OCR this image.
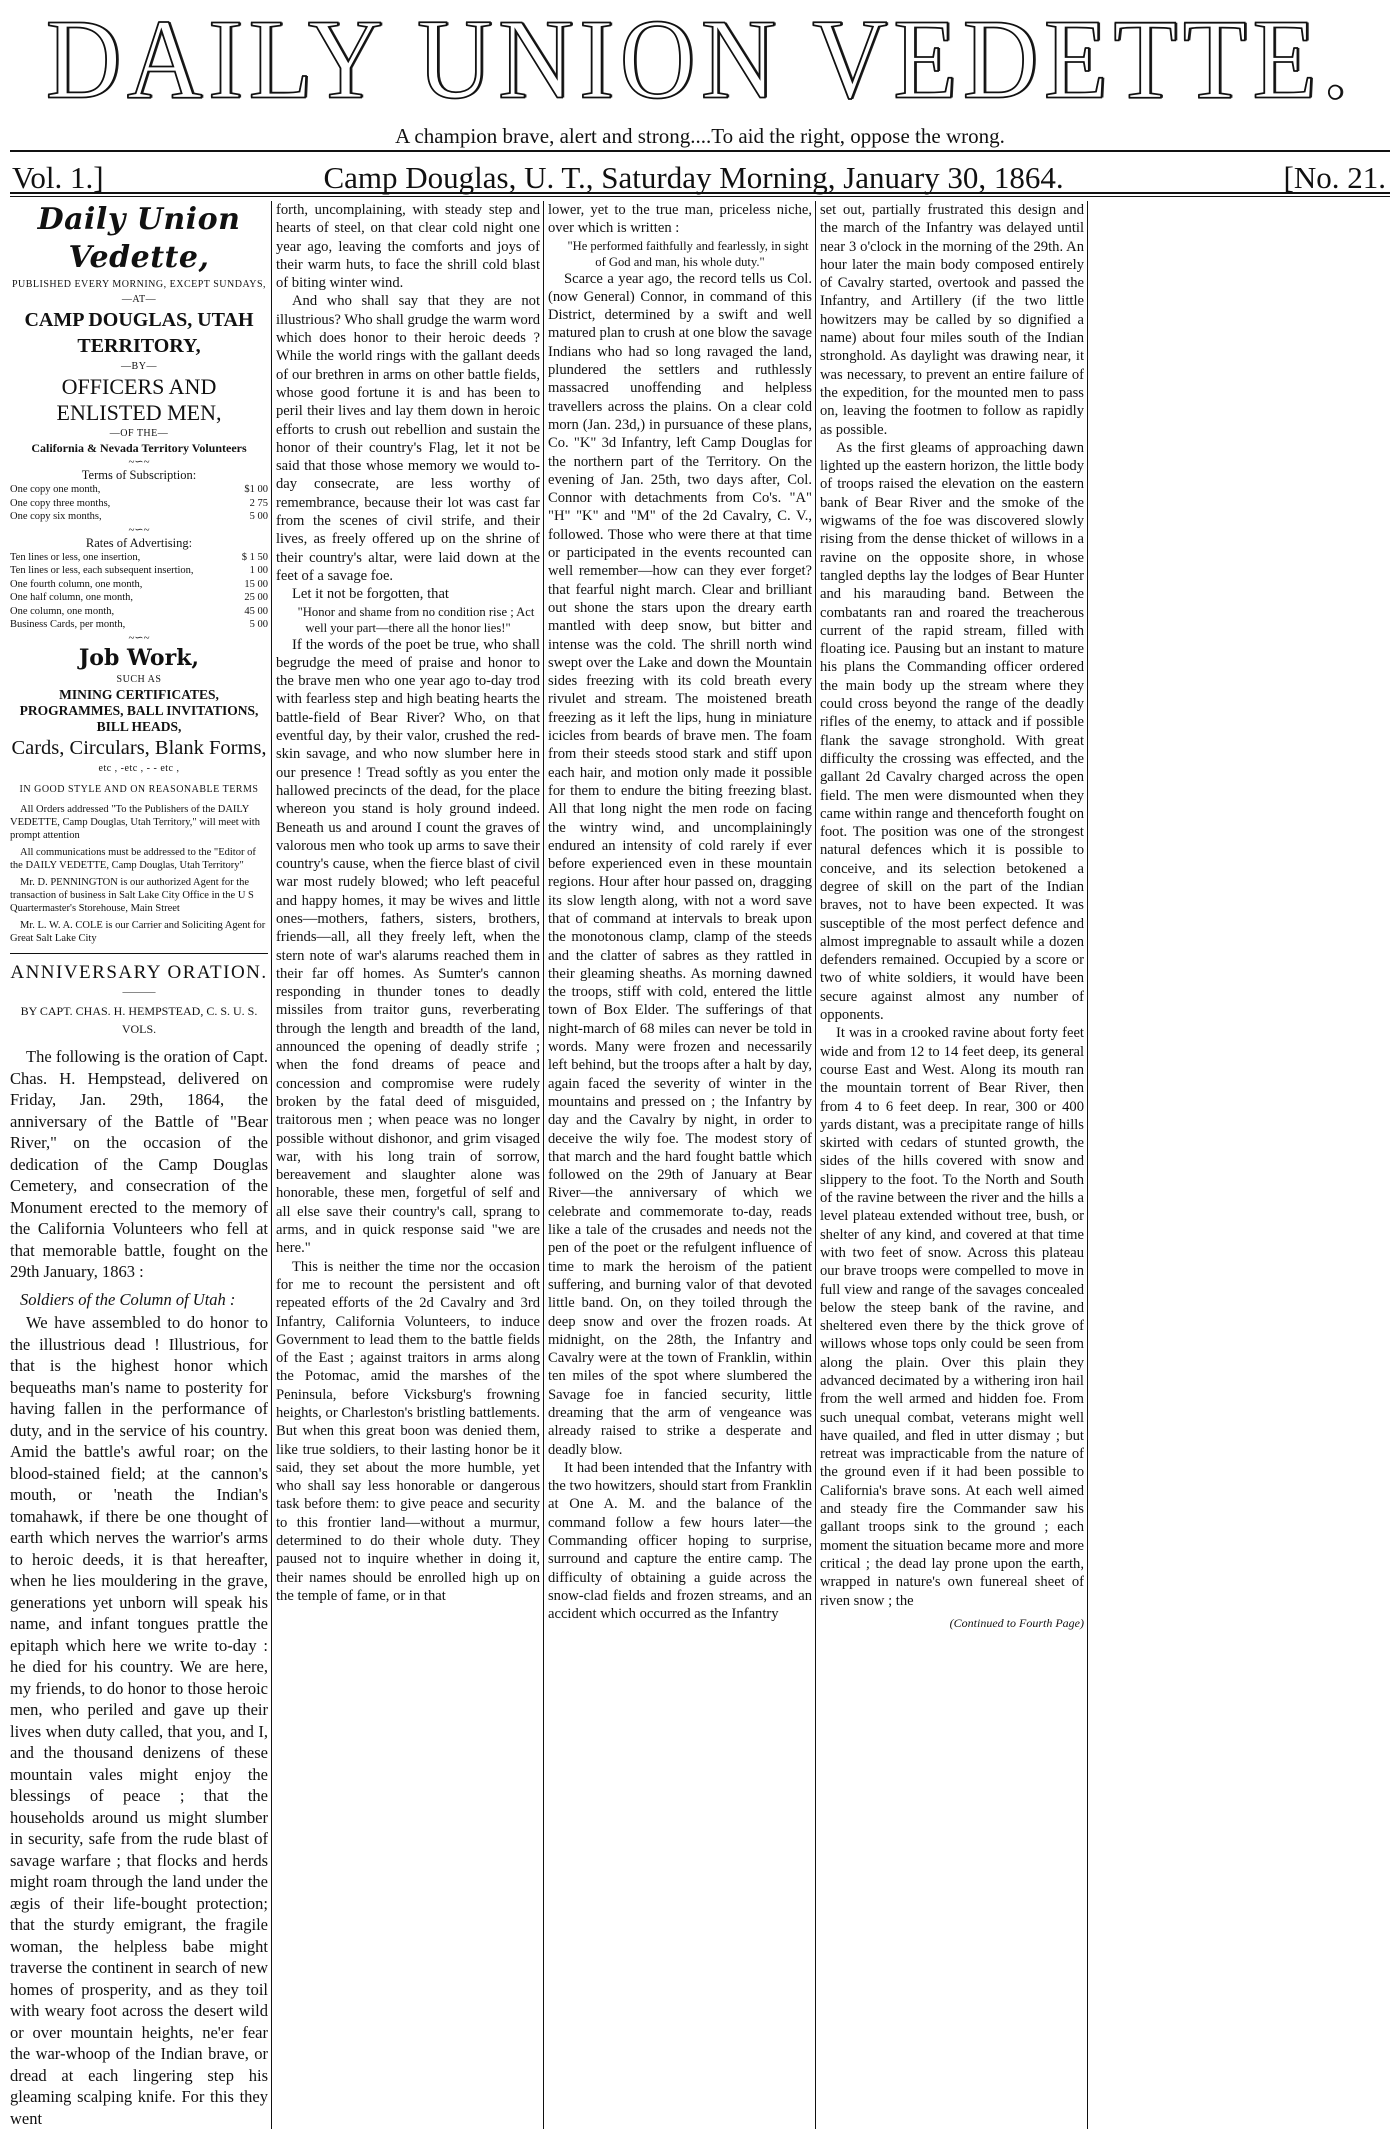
DAILY UNION VEDETTE.
A champion brave, alert and strong....To aid the right, oppose the wrong.
Vol. 1.]	Camp Douglas, U. T., Saturday Morning, January 30, 1864.	[No. 21.
Daily Union Vedette,
PUBLISHED EVERY MORNING, EXCEPT SUNDAYS,
—AT—
CAMP DOUGLAS, UTAH TERRITORY,
—BY—
OFFICERS AND ENLISTED MEN,
—OF THE—
California & Nevada Territory Volunteers
~∽~
Terms of Subscription:
One copy one month,	$1 00
One copy three months,	2 75
One copy six months,	5 00
~∽~
Rates of Advertising:
Ten lines or less, one insertion,	$ 1 50
Ten lines or less, each subsequent insertion,	1 00
One fourth column, one month,	15 00
One half column, one month,	25 00
One column, one month,	45 00
Business Cards, per month,	5 00
~∽~
Job Work,
SUCH AS
MINING CERTIFICATES,
PROGRAMMES, BALL INVITATIONS, BILL HEADS,
Cards, Circulars, Blank Forms,
etc , -etc , - - etc ,
IN GOOD STYLE AND ON REASONABLE TERMS
All Orders addressed "To the Publishers of the DAILY VEDETTE, Camp Douglas, Utah Territory," will meet with prompt attention
All communications must be addressed to the "Editor of the DAILY VEDETTE, Camp Douglas, Utah Territory"
Mr. D. PENNINGTON is our authorized Agent for the transaction of business in Salt Lake City Office in the U S Quartermaster's Storehouse, Main Street
Mr. L. W. A. COLE is our Carrier and Soliciting Agent for Great Salt Lake City
ANNIVERSARY ORATION.
———
BY CAPT. CHAS. H. HEMPSTEAD, C. S. U. S. VOLS.

The following is the oration of Capt. Chas. H. Hempstead, delivered on Friday, Jan. 29th, 1864, the anniversary of the Battle of "Bear River," on the occasion of the dedication of the Camp Douglas Cemetery, and consecration of the Monument erected to the memory of the California Volunteers who fell at that memorable battle, fought on the 29th January, 1863 :

Soldiers of the Column of Utah :

We have assembled to do honor to the illustrious dead ! Illustrious, for that is the highest honor which bequeaths man's name to posterity for having fallen in the performance of duty, and in the service of his country. Amid the battle's awful roar; on the blood-stained field; at the cannon's mouth, or 'neath the Indian's tomahawk, if there be one thought of earth which nerves the warrior's arms to heroic deeds, it is that hereafter, when he lies mouldering in the grave, generations yet unborn will speak his name, and infant tongues prattle the epitaph which here we write to-day : he died for his country. We are here, my friends, to do honor to those heroic men, who periled and gave up their lives when duty called, that you, and I, and the thousand denizens of these mountain vales might enjoy the blessings of peace ; that the households around us might slumber in security, safe from the rude blast of savage warfare ; that flocks and herds might roam through the land under the ægis of their life-bought protection; that the sturdy emigrant, the fragile woman, the helpless babe might traverse the continent in search of new homes of prosperity, and as they toil with weary foot across the desert wild or over mountain heights, ne'er fear the war-whoop of the Indian brave, or dread at each lingering step his gleaming scalping knife. For this they went

forth, uncomplaining, with steady step and hearts of steel, on that clear cold night one year ago, leaving the comforts and joys of their warm huts, to face the shrill cold blast of biting winter wind.

And who shall say that they are not illustrious? Who shall grudge the warm word which does honor to their heroic deeds ? While the world rings with the gallant deeds of our brethren in arms on other battle fields, whose good fortune it is and has been to peril their lives and lay them down in heroic efforts to crush out rebellion and sustain the honor of their country's Flag, let it not be said that those whose memory we would to-day consecrate, are less worthy of remembrance, because their lot was cast far from the scenes of civil strife, and their lives, as freely offered up on the shrine of their country's altar, were laid down at the feet of a savage foe.

Let it not be forgotten, that

"Honor and shame from no condition rise ; Act well your part—there all the honor lies!"

If the words of the poet be true, who shall begrudge the meed of praise and honor to the brave men who one year ago to-day trod with fearless step and high beating hearts the battle-field of Bear River? Who, on that eventful day, by their valor, crushed the red-skin savage, and who now slumber here in our presence ! Tread softly as you enter the hallowed precincts of the dead, for the place whereon you stand is holy ground indeed. Beneath us and around I count the graves of valorous men who took up arms to save their country's cause, when the fierce blast of civil war most rudely blowed; who left peaceful and happy homes, it may be wives and little ones—mothers, fathers, sisters, brothers, friends—all, all they freely left, when the stern note of war's alarums reached them in their far off homes. As Sumter's cannon responding in thunder tones to deadly missiles from traitor guns, reverberating through the length and breadth of the land, announced the opening of deadly strife ; when the fond dreams of peace and concession and compromise were rudely broken by the fatal deed of misguided, traitorous men ; when peace was no longer possible without dishonor, and grim visaged war, with his long train of sorrow, bereavement and slaughter alone was honorable, these men, forgetful of self and all else save their country's call, sprang to arms, and in quick response said "we are here."

This is neither the time nor the occasion for me to recount the persistent and oft repeated efforts of the 2d Cavalry and 3rd Infantry, California Volunteers, to induce Government to lead them to the battle fields of the East ; against traitors in arms along the Potomac, amid the marshes of the Peninsula, before Vicksburg's frowning heights, or Charleston's bristling battlements. But when this great boon was denied them, like true soldiers, to their lasting honor be it said, they set about the more humble, yet who shall say less honorable or dangerous task before them: to give peace and security to this frontier land—without a murmur, determined to do their whole duty. They paused not to inquire whether in doing it, their names should be enrolled high up on the temple of fame, or in that

lower, yet to the true man, priceless niche, over which is written :

"He performed faithfully and fearlessly, in sight of God and man, his whole duty."

Scarce a year ago, the record tells us Col. (now General) Connor, in command of this District, determined by a swift and well matured plan to crush at one blow the savage Indians who had so long ravaged the land, plundered the settlers and ruthlessly massacred unoffending and helpless travellers across the plains. On a clear cold morn (Jan. 23d,) in pursuance of these plans, Co. "K" 3d Infantry, left Camp Douglas for the northern part of the Territory. On the evening of Jan. 25th, two days after, Col. Connor with detachments from Co's. "A" "H" "K" and "M" of the 2d Cavalry, C. V., followed. Those who were there at that time or participated in the events recounted can well remember—how can they ever forget? that fearful night march. Clear and brilliant out shone the stars upon the dreary earth mantled with deep snow, but bitter and intense was the cold. The shrill north wind swept over the Lake and down the Mountain sides freezing with its cold breath every rivulet and stream. The moistened breath freezing as it left the lips, hung in miniature icicles from beards of brave men. The foam from their steeds stood stark and stiff upon each hair, and motion only made it possible for them to endure the biting freezing blast. All that long night the men rode on facing the wintry wind, and uncomplainingly endured an intensity of cold rarely if ever before experienced even in these mountain regions. Hour after hour passed on, dragging its slow length along, with not a word save that of command at intervals to break upon the monotonous clamp, clamp of the steeds and the clatter of sabres as they rattled in their gleaming sheaths. As morning dawned the troops, stiff with cold, entered the little town of Box Elder. The sufferings of that night-march of 68 miles can never be told in words. Many were frozen and necessarily left behind, but the troops after a halt by day, again faced the severity of winter in the mountains and pressed on ; the Infantry by day and the Cavalry by night, in order to deceive the wily foe. The modest story of that march and the hard fought battle which followed on the 29th of January at Bear River—the anniversary of which we celebrate and commemorate to-day, reads like a tale of the crusades and needs not the pen of the poet or the refulgent influence of time to mark the heroism of the patient suffering, and burning valor of that devoted little band. On, on they toiled through the deep snow and over the frozen roads. At midnight, on the 28th, the Infantry and Cavalry were at the town of Franklin, within ten miles of the spot where slumbered the Savage foe in fancied security, little dreaming that the arm of vengeance was already raised to strike a desperate and deadly blow.

It had been intended that the Infantry with the two howitzers, should start from Franklin at One A. M. and the balance of the command follow a few hours later—the Commanding officer hoping to surprise, surround and capture the entire camp. The difficulty of obtaining a guide across the snow-clad fields and frozen streams, and an accident which occurred as the Infantry

set out, partially frustrated this design and the march of the Infantry was delayed until near 3 o'clock in the morning of the 29th. An hour later the main body composed entirely of Cavalry started, overtook and passed the Infantry, and Artillery (if the two little howitzers may be called by so dignified a name) about four miles south of the Indian stronghold. As daylight was drawing near, it was necessary, to prevent an entire failure of the expedition, for the mounted men to pass on, leaving the footmen to follow as rapidly as possible.

As the first gleams of approaching dawn lighted up the eastern horizon, the little body of troops raised the elevation on the eastern bank of Bear River and the smoke of the wigwams of the foe was discovered slowly rising from the dense thicket of willows in a ravine on the opposite shore, in whose tangled depths lay the lodges of Bear Hunter and his marauding band. Between the combatants ran and roared the treacherous current of the rapid stream, filled with floating ice. Pausing but an instant to mature his plans the Commanding officer ordered the main body up the stream where they could cross beyond the range of the deadly rifles of the enemy, to attack and if possible flank the savage stronghold. With great difficulty the crossing was effected, and the gallant 2d Cavalry charged across the open field. The men were dismounted when they came within range and thenceforth fought on foot. The position was one of the strongest natural defences which it is possible to conceive, and its selection betokened a degree of skill on the part of the Indian braves, not to have been expected. It was susceptible of the most perfect defence and almost impregnable to assault while a dozen defenders remained. Occupied by a score or two of white soldiers, it would have been secure against almost any number of opponents.

It was in a crooked ravine about forty feet wide and from 12 to 14 feet deep, its general course East and West. Along its mouth ran the mountain torrent of Bear River, then from 4 to 6 feet deep. In rear, 300 or 400 yards distant, was a precipitate range of hills skirted with cedars of stunted growth, the sides of the hills covered with snow and slippery to the foot. To the North and South of the ravine between the river and the hills a level plateau extended without tree, bush, or shelter of any kind, and covered at that time with two feet of snow. Across this plateau our brave troops were compelled to move in full view and range of the savages concealed below the steep bank of the ravine, and sheltered even there by the thick grove of willows whose tops only could be seen from along the plain. Over this plain they advanced decimated by a withering iron hail from the well armed and hidden foe. From such unequal combat, veterans might well have quailed, and fled in utter dismay ; but retreat was impracticable from the nature of the ground even if it had been possible to California's brave sons. At each well aimed and steady fire the Commander saw his gallant troops sink to the ground ; each moment the situation became more and more critical ; the dead lay prone upon the earth, wrapped in nature's own funereal sheet of riven snow ; the

(Continued to Fourth Page)
